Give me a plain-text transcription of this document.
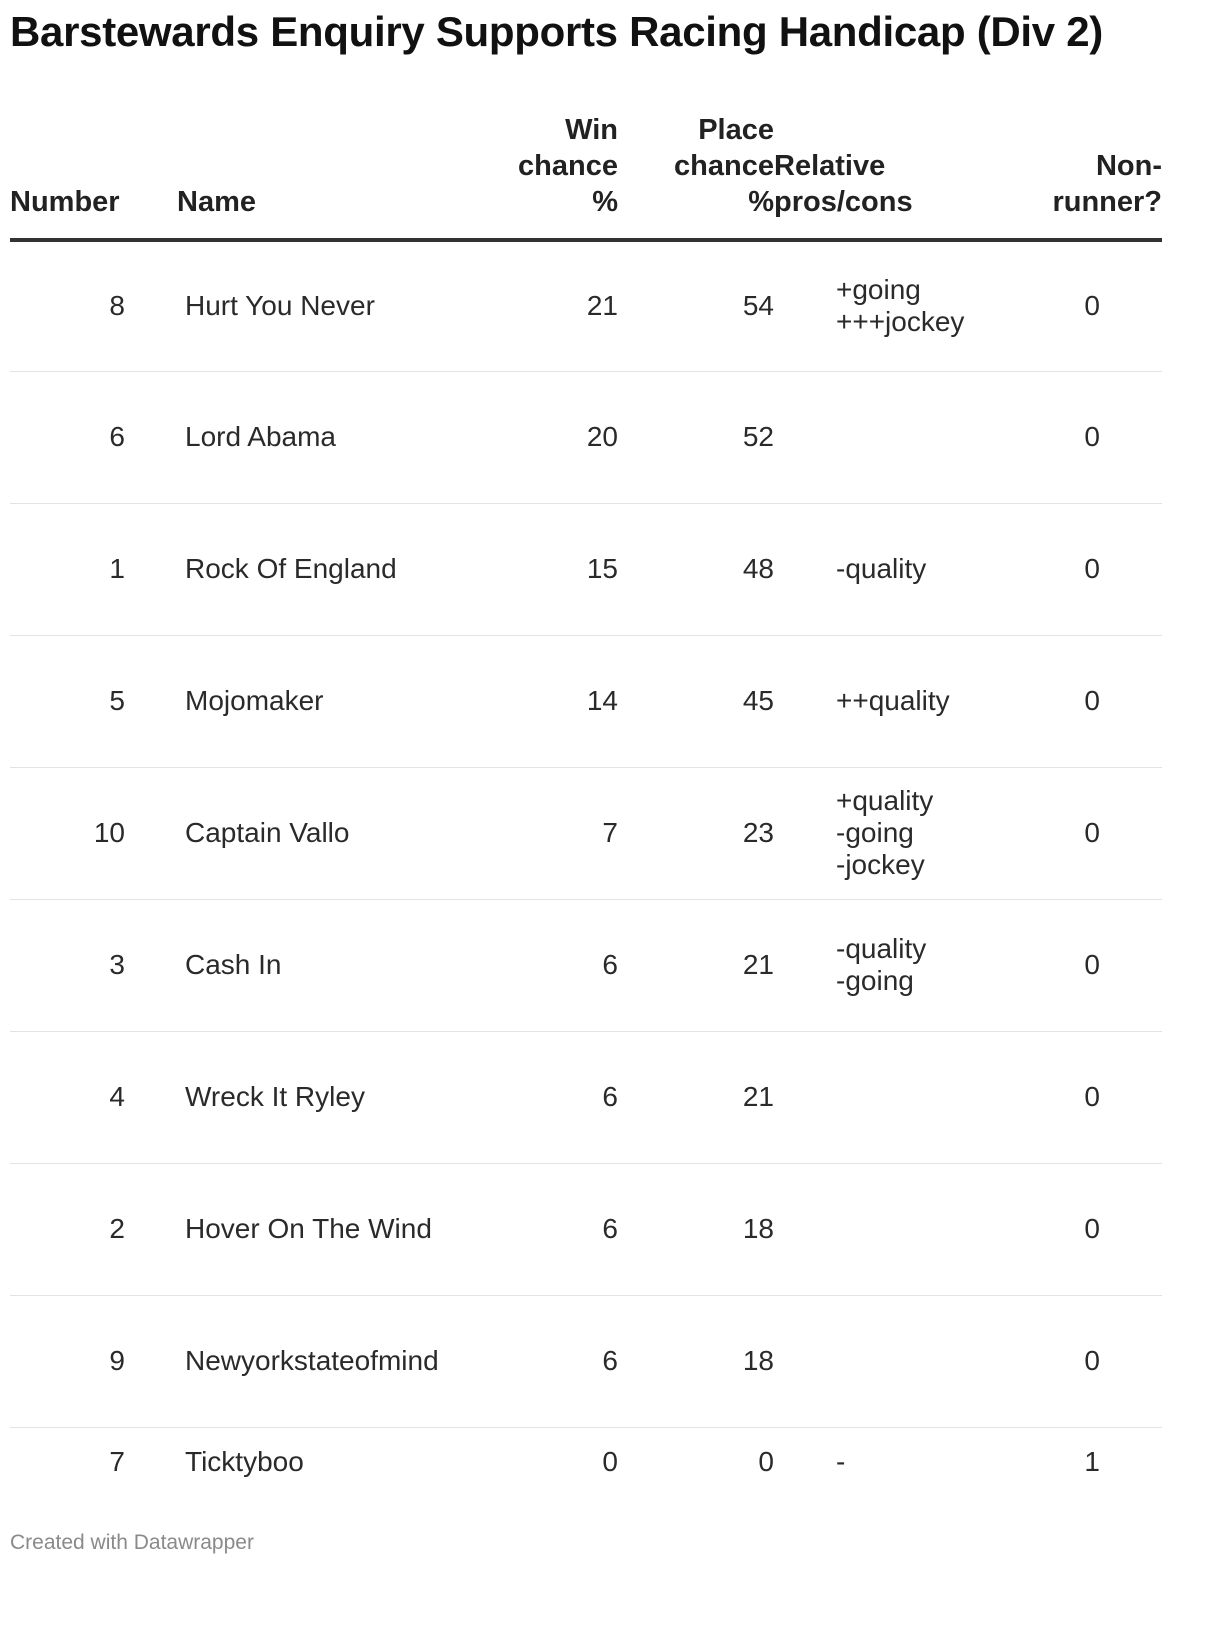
Barstewards Enquiry Supports Racing Handicap (Div 2)
Number	Name	Win
chance
%	Place
chance
%	Relative
pros/cons	Non-
runner?

8	Hurt You Never	21	54	+going
+++jockey	0
6	Lord Abama	20	52		0
1	Rock Of England	15	48	-quality	0
5	Mojomaker	14	45	++quality	0
10	Captain Vallo	7	23	+quality
-going
-jockey	0
3	Cash In	6	21	-quality
-going	0
4	Wreck It Ryley	6	21		0
2	Hover On The Wind	6	18		0
9	Newyorkstateofmind	6	18		0
7	Ticktyboo	0	0	-	1
Created with Datawrapper
